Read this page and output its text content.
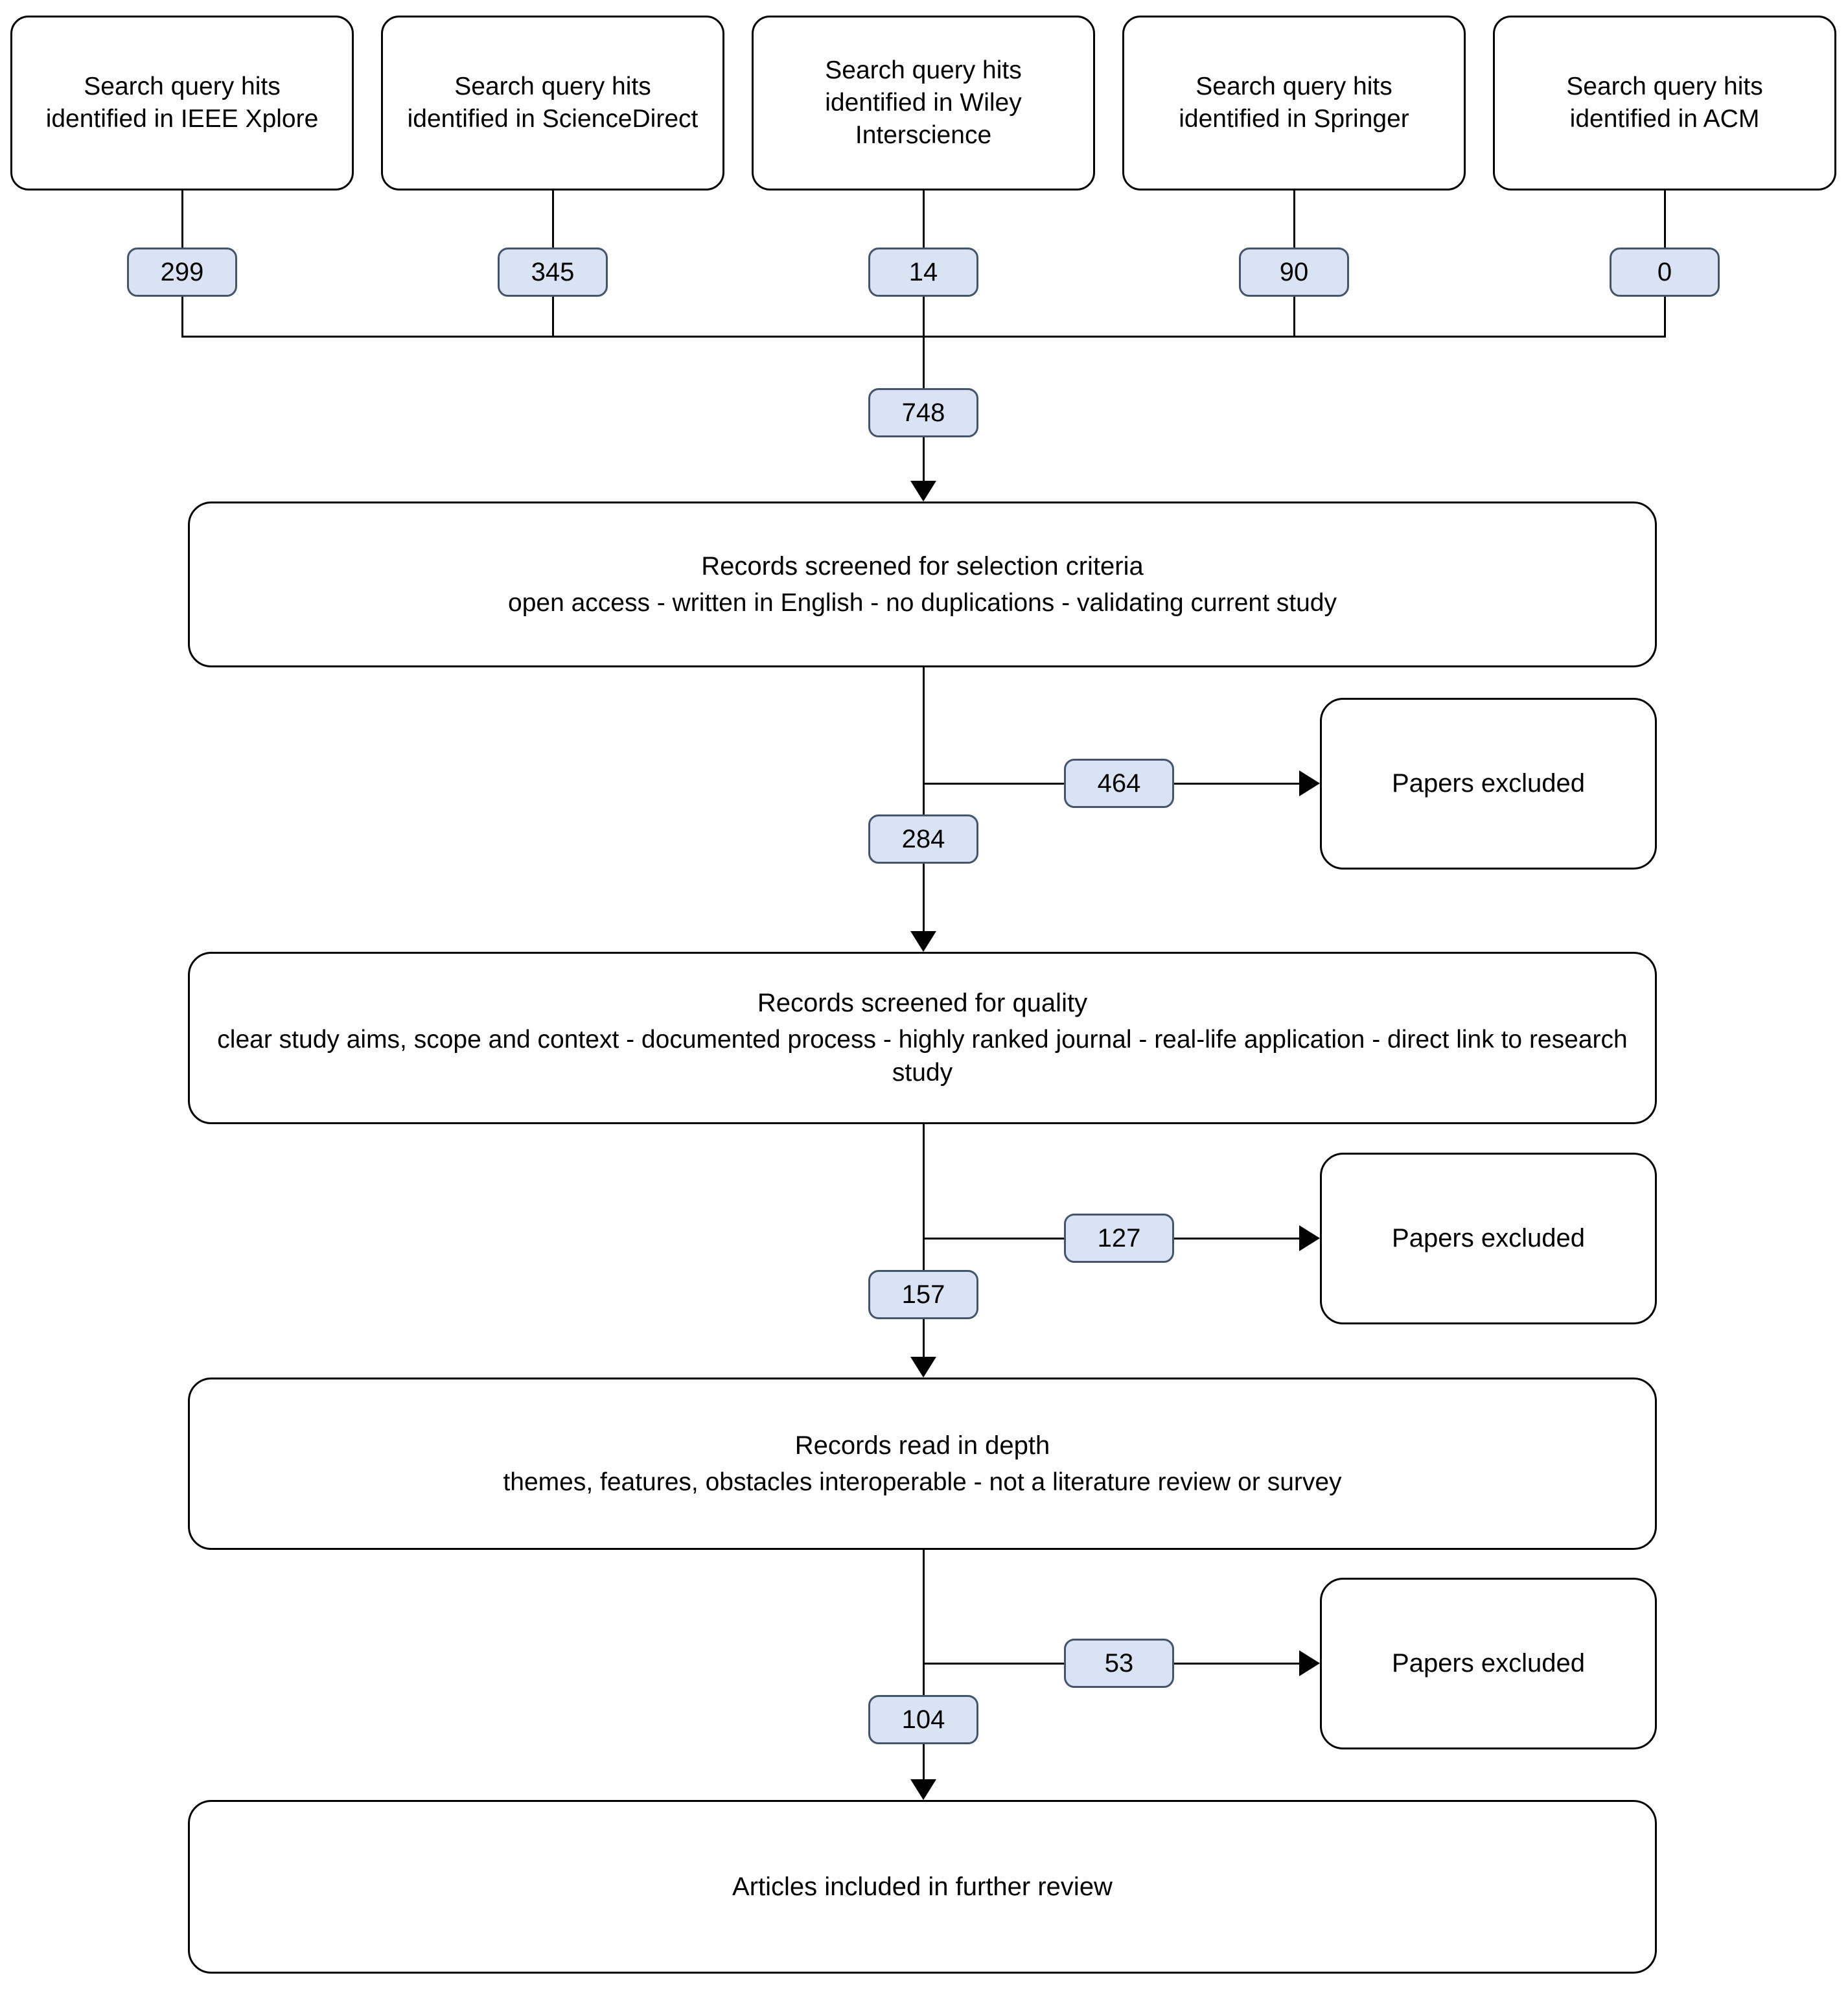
Search query hits identified in IEEE Xplore
Search query hits identified in ScienceDirect
Search query hits identified in Wiley Interscience
Search query hits identified in Springer
Search query hits identified in ACM
299	345	14	90	0
748
Records screened for selection criteria
open access - written in English - no duplications - validating current study
464	Papers excluded
284
Records screened for quality
clear study aims, scope and context - documented process - highly ranked journal - real-life application - direct link to research study
127	Papers excluded
157
Records read in depth
themes, features, obstacles interoperable - not a literature review or survey
53	Papers excluded
104
Articles included in further review
